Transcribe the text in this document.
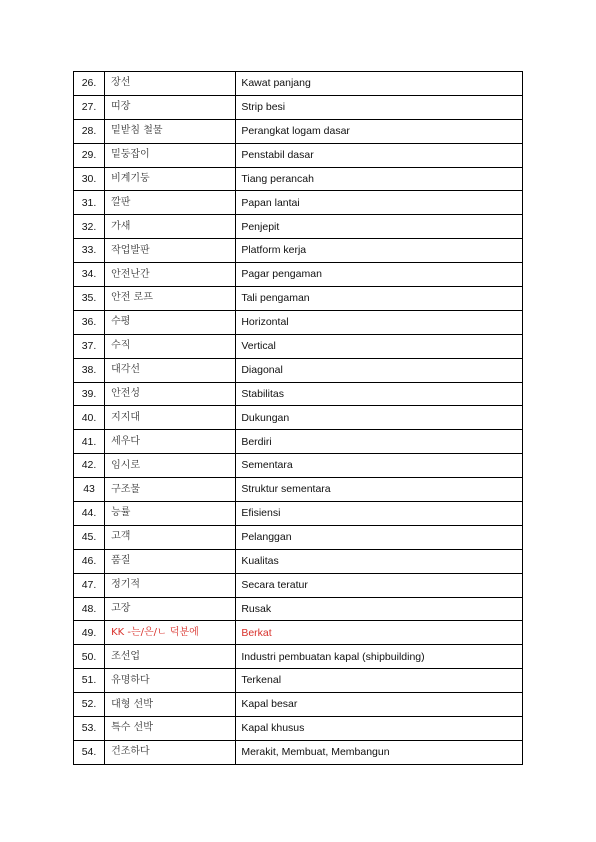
26.	장선	Kawat panjang
27.	띠장	Strip besi
28.	밑받침 철물	Perangkat logam dasar
29.	밑둥잡이	Penstabil dasar
30.	비계기둥	Tiang perancah
31.	깔판	Papan lantai
32.	가새	Penjepit
33.	작업발판	Platform kerja
34.	안전난간	Pagar pengaman
35.	안전 로프	Tali pengaman
36.	수평	Horizontal
37.	수직	Vertical
38.	대각선	Diagonal
39.	안전성	Stabilitas
40.	지지대	Dukungan
41.	세우다	Berdiri
42.	임시로	Sementara
43	구조물	Struktur sementara
44.	능률	Efisiensi
45.	고객	Pelanggan
46.	품질	Kualitas
47.	정기적	Secara teratur
48.	고장	Rusak
49.	KK -는/은/ㄴ 덕분에	Berkat
50.	조선업	Industri pembuatan kapal (shipbuilding)
51.	유명하다	Terkenal
52.	대형 선박	Kapal besar
53.	특수 선박	Kapal khusus
54.	건조하다	Merakit, Membuat, Membangun
